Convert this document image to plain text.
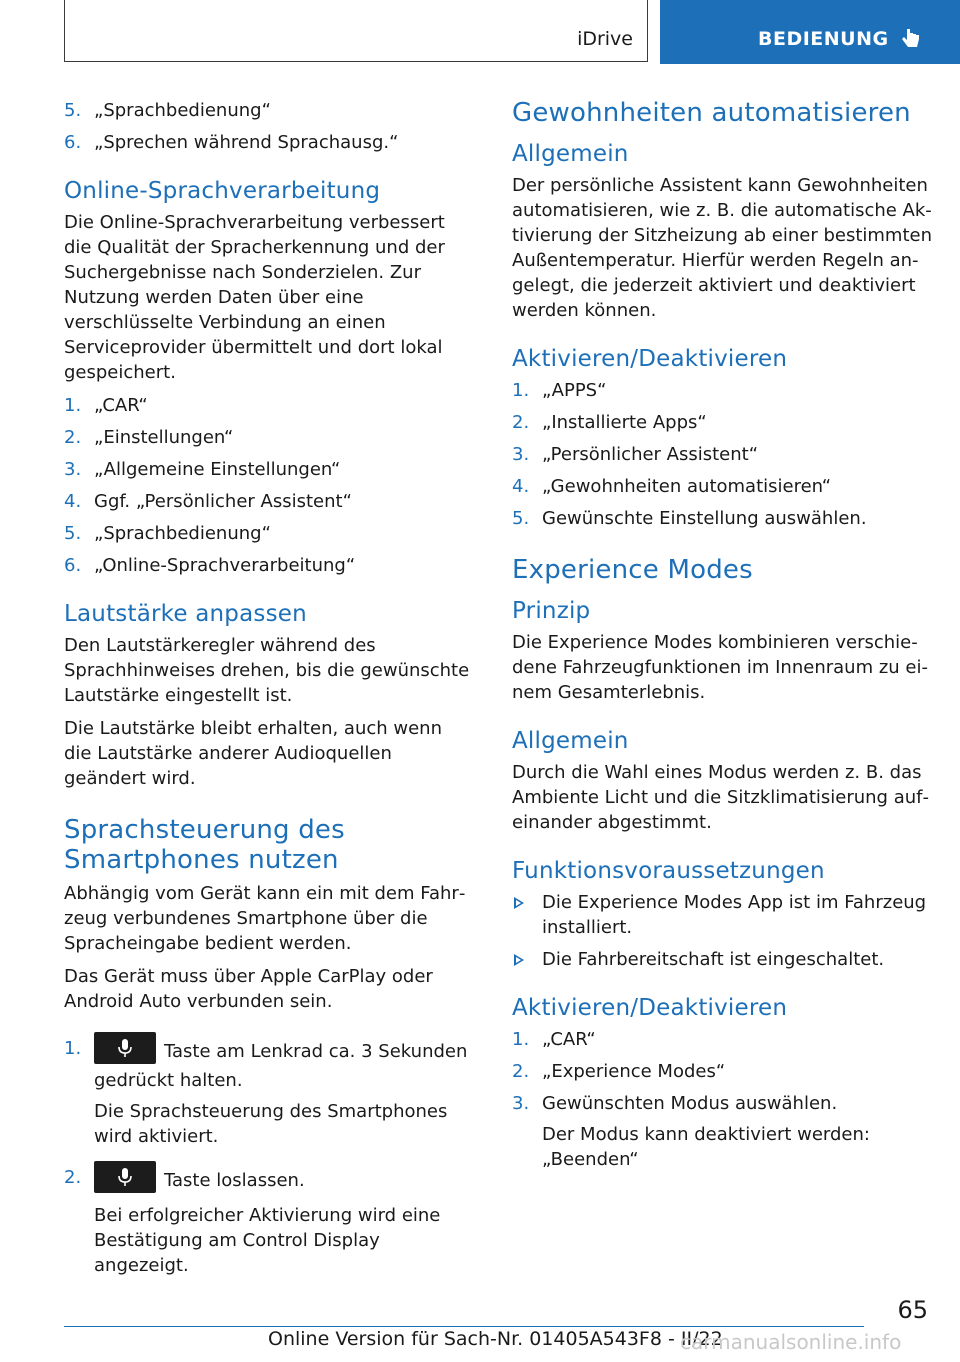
iDrive	BEDIENUNG
5. „Sprachbedienung“
6. „Sprechen während Sprachausg.“
Online-Sprachverarbeitung

Die Online-Sprachverarbeitung verbessert die Qualität der Spracherkennung und der Suchergebnisse nach Sonderzielen. Zur Nutzung werden Daten über eine verschlüsselte Verbindung an einen Serviceprovider übermittelt und dort lokal gespeichert.

1. „CAR“
2. „Einstellungen“
3. „Allgemeine Einstellungen“
4. Ggf. „Persönlicher Assistent“
5. „Sprachbedienung“
6. „Online-Sprachverarbeitung“
Lautstärke anpassen

Den Lautstärkeregler während des Sprachhinweises drehen, bis die gewünschte Lautstärke eingestellt ist.

Die Lautstärke bleibt erhalten, auch wenn die Lautstärke anderer Audioquellen geändert wird.

Sprachsteuerung des Smartphones nutzen

Abhängig vom Gerät kann ein mit dem Fahrzeug verbundenes Smartphone über die Spracheingabe bedient werden.

Das Gerät muss über Apple CarPlay oder Android Auto verbunden sein.

1.	Taste am Lenkrad ca. 3 Sekunden gedrückt halten.
Die Sprachsteuerung des Smartphones wird aktiviert.
2.	Taste loslassen.
Bei erfolgreicher Aktivierung wird eine Bestätigung am Control Display angezeigt.
Gewohnheiten automatisieren
Allgemein

Der persönliche Assistent kann Gewohnheiten automatisieren, wie z. B. die automatische Aktivierung der Sitzheizung ab einer bestimmten Außentemperatur. Hierfür werden Regeln angelegt, die jederzeit aktiviert und deaktiviert werden können.

Aktivieren/Deaktivieren
1. „APPS“
2. „Installierte Apps“
3. „Persönlicher Assistent“
4. „Gewohnheiten automatisieren“
5. Gewünschte Einstellung auswählen.
Experience Modes
Prinzip

Die Experience Modes kombinieren verschiedene Fahrzeugfunktionen im Innenraum zu einem Gesamterlebnis.

Allgemein

Durch die Wahl eines Modus werden z. B. das Ambiente Licht und die Sitzklimatisierung aufeinander abgestimmt.

Funktionsvoraussetzungen
Die Experience Modes App ist im Fahrzeug installiert.
Die Fahrbereitschaft ist eingeschaltet.
Aktivieren/Deaktivieren
1. „CAR“
2. „Experience Modes“
3. Gewünschten Modus auswählen.
Der Modus kann deaktiviert werden: „Beenden“
65
Online Version für Sach-Nr. 01405A543F8 - II/22
carmanualsonline.info
